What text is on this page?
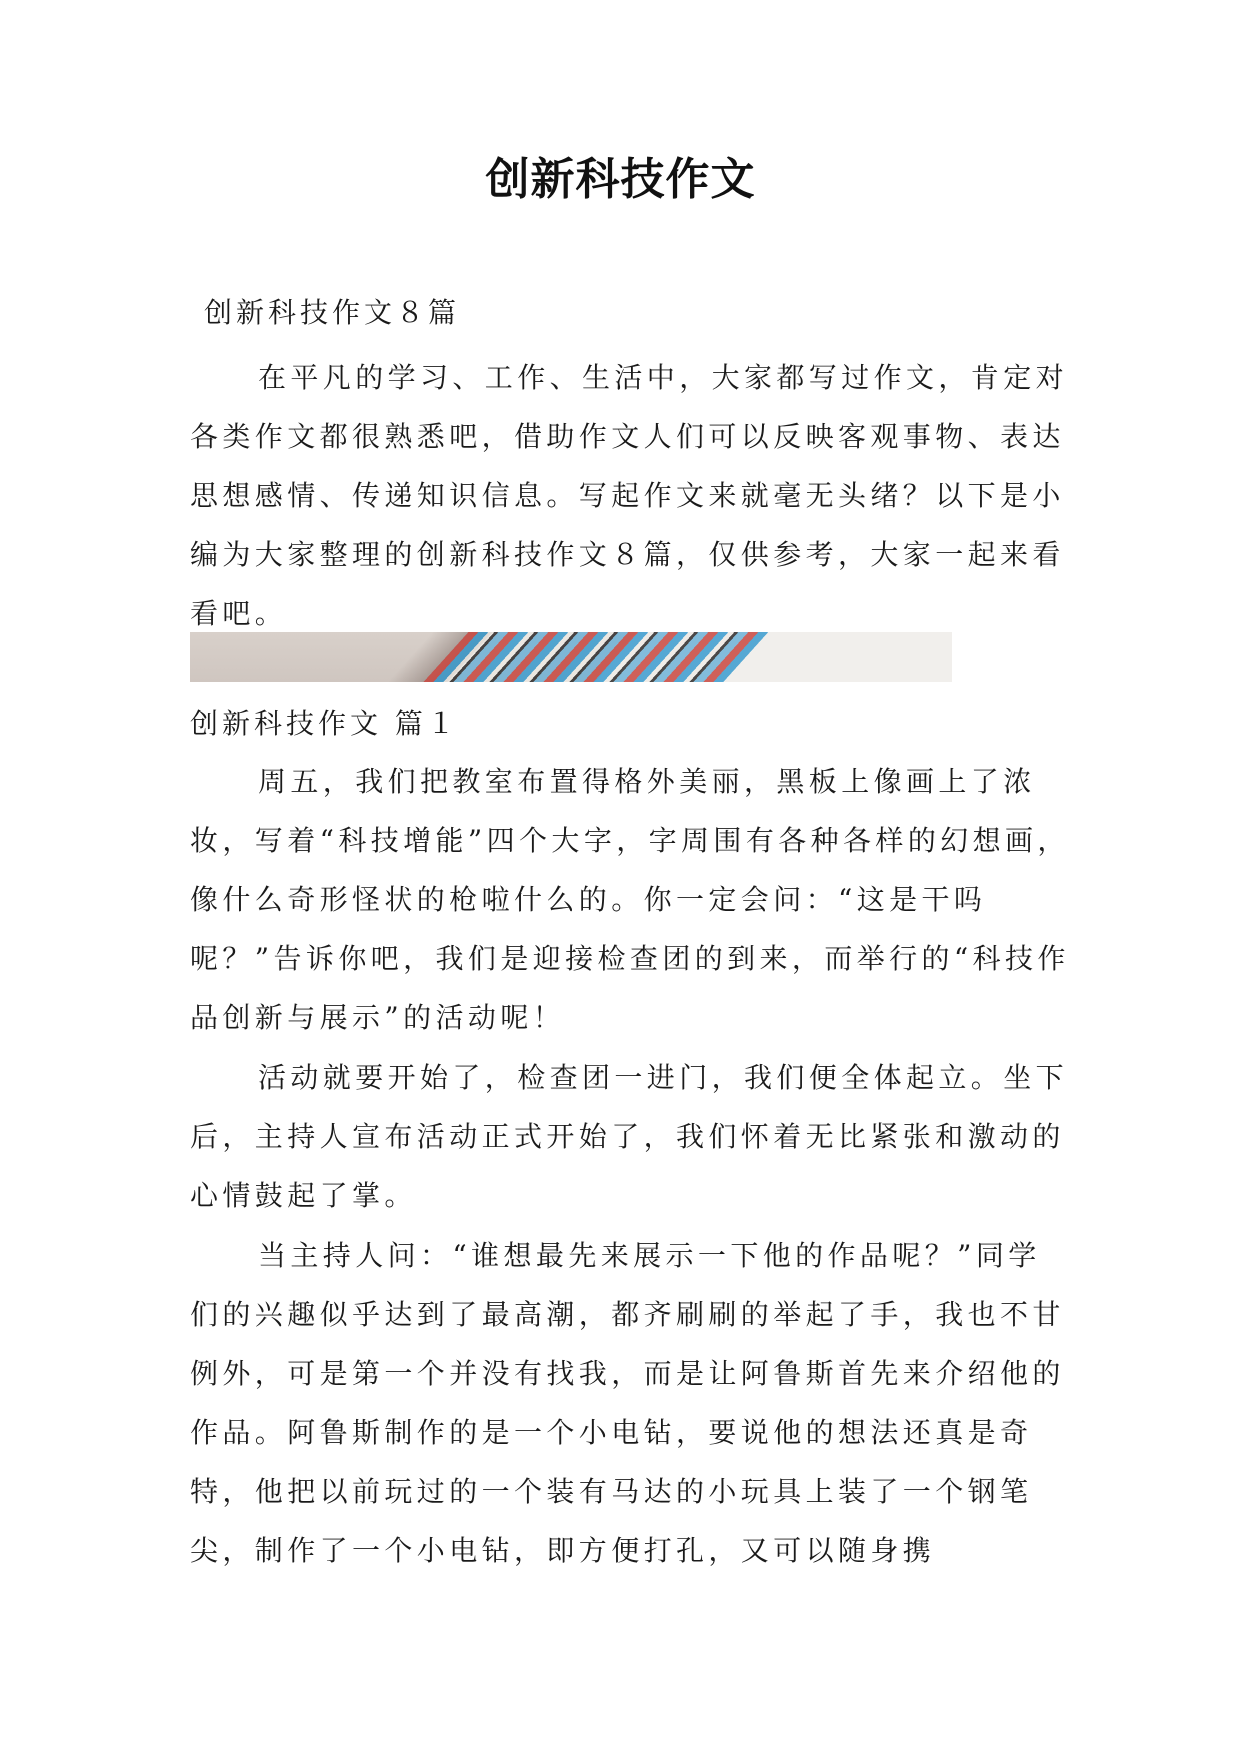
创新科技作文

创新科技作文８篇

在平凡的学习、工作、生活中，大家都写过作文，肯定对各类作文都很熟悉吧，借助作文人们可以反映客观事物、表达思想感情、传递知识信息。写起作文来就毫无头绪？以下是小编为大家整理的创新科技作文８篇，仅供参考，大家一起来看看吧。

创新科技作文 篇１

周五，我们把教室布置得格外美丽，黑板上像画上了浓妆，写着“科技增能”四个大字，字周围有各种各样的幻想画，像什么奇形怪状的枪啦什么的。你一定会问：“这是干吗呢？”告诉你吧，我们是迎接检查团的到来，而举行的“科技作品创新与展示”的活动呢！

活动就要开始了，检查团一进门，我们便全体起立。坐下后，主持人宣布活动正式开始了，我们怀着无比紧张和激动的心情鼓起了掌。

当主持人问：“谁想最先来展示一下他的作品呢？”同学们的兴趣似乎达到了最高潮，都齐刷刷的举起了手，我也不甘例外，可是第一个并没有找我，而是让阿鲁斯首先来介绍他的作品。阿鲁斯制作的是一个小电钻，要说他的想法还真是奇特，他把以前玩过的一个装有马达的小玩具上装了一个钢笔尖，制作了一个小电钻，即方便打孔，又可以随身携
